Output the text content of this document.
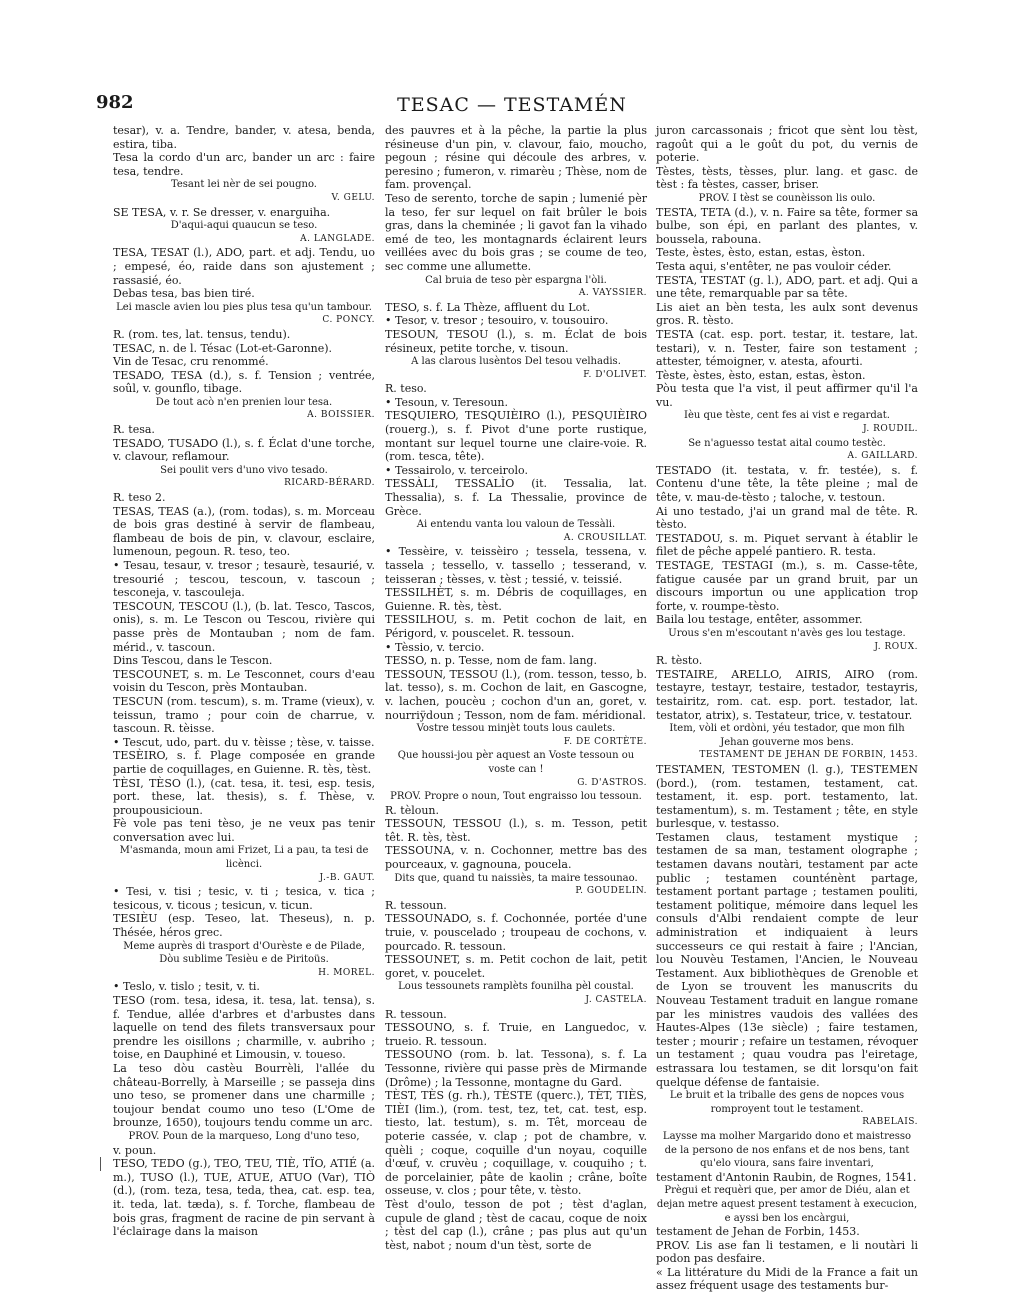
982	TESAC — TESTAMÉN

tesar), v. a. Tendre, bander, v. atesa, benda, estira, tiba.

Tesa la cordo d'un arc, bander un arc : faire tesa, tendre.

Tesant lei nèr de sei pougno.

V. GELU.

SE TESA, v. r. Se dresser, v. enarguiha.

D'aqui-aqui quaucun se teso.

A. LANGLADE.

TESA, TESAT (l.), ADO, part. et adj. Tendu, uo ; empesé, éo, raide dans son ajustement ; rassasié, éo.

Debas tesa, bas bien tiré.

Lei mascle avien lou pies plus tesa qu'un tambour.

C. PONCY.

R. (rom. tes, lat. tensus, tendu).

TESAC, n. de l. Tésac (Lot-et-Garonne).

Vin de Tesac, cru renommé.

TESADO, TESA (d.), s. f. Tension ; ventrée, soûl, v. gounflo, tibage.

De tout acò n'en prenien lour tesa.

A. BOISSIER.

R. tesa.

TESADO, TUSADO (l.), s. f. Éclat d'une torche, v. clavour, reflamour.

Sei poulit vers d'uno vivo tesado.

RICARD-BÉRARD.

R. teso 2.

TESAS, TEAS (a.), (rom. todas), s. m. Morceau de bois gras destiné à servir de flambeau, flambeau de bois de pin, v. clavour, esclaire, lumenoun, pegoun. R. teso, teo.

• Tesau, tesaur, v. tresor ; tesaurè, tesaurié, v. tresourié ; tescou, tescoun, v. tascoun ; tesconeja, v. tascouleja.

TESCOUN, TESCOU (l.), (b. lat. Tesco, Tascos, onis), s. m. Le Tescon ou Tescou, rivière qui passe près de Montauban ; nom de fam. mérid., v. tascoun.

Dins Tescou, dans le Tescon.

TESCOUNET, s. m. Le Tesconnet, cours d'eau voisin du Tescon, près Montauban.

TESCUN (rom. tescum), s. m. Trame (vieux), v. teissun, tramo ; pour coin de charrue, v. tascoun. R. tèisse.

• Tescut, udo, part. du v. tèisse ; tèse, v. taisse.

TESÈIRO, s. f. Plage composée en grande partie de coquillages, en Guienne. R. tès, tèst.

TÈSI, TÈSO (l.), (cat. tesa, it. tesi, esp. tesis, port. these, lat. thesis), s. f. Thèse, v. proupousicioun.

Fè vole pas teni tèso, je ne veux pas tenir conversation avec lui.

M'asmanda, moun ami Frizet, Li a pau, ta tesi de licènci.

J.-B. GAUT.

• Tesi, v. tisi ; tesic, v. ti ; tesica, v. tica ; tesicous, v. ticous ; tesicun, v. ticun.

TESIÈU (esp. Teseo, lat. Theseus), n. p. Thésée, héros grec.

Meme auprès di trasport d'Ourèste e de Pilade, Dòu sublime Tesièu e de Piritoüs.

H. MOREL.

• Teslo, v. tislo ; tesit, v. ti.

TESO (rom. tesa, idesa, it. tesa, lat. tensa), s. f. Tendue, allée d'arbres et d'arbustes dans laquelle on tend des filets transversaux pour prendre les oisillons ; charmille, v. aubriho ; toise, en Dauphiné et Limousin, v. toueso.

La teso dòu castèu Bourrèli, l'allée du château-Borrelly, à Marseille ; se passeja dins uno teso, se promener dans une charmille ; toujour bendat coumo uno teso (L'Ome de brounze, 1650), toujours tendu comme un arc.

PROV. Poun de la marqueso, Long d'uno teso,

v. poun.

TESO, TEDO (g.), TEO, TEU, TIÈ, TÏO, ATIÉ (a. m.), TUSO (l.), TUE, ATUE, ATUO (Var), TIÒ (d.), (rom. teza, tesa, teda, thea, cat. esp. tea, it. teda, lat. tæda), s. f. Torche, flambeau de bois gras, fragment de racine de pin servant à l'éclairage dans la maison

des pauvres et à la pêche, la partie la plus résineuse d'un pin, v. clavour, faio, moucho, pegoun ; résine qui découle des arbres, v. peresino ; fumeron, v. rimarèu ; Thèse, nom de fam. provençal.

Teso de serento, torche de sapin ; lumenié pèr la teso, fer sur lequel on fait brûler le bois gras, dans la cheminée ; li gavot fan la vihado emé de teo, les montagnards éclairent leurs veillées avec du bois gras ; se coume de teo, sec comme une allumette.

Cal bruia de teso pèr espargna l'òli.

A. VAYSSIER.

TESO, s. f. La Thèze, affluent du Lot.

• Tesor, v. tresor ; tesouiro, v. tousouiro.

TESOUN, TESOU (l.), s. m. Éclat de bois résineux, petite torche, v. tisoun.

A las clarous lusèntos Del tesou velhadis.

F. D'OLIVET.

R. teso.

• Tesoun, v. Teresoun.

TESQUIERO, TESQUIÈIRO (l.), PESQUIÈIRO (rouerg.), s. f. Pivot d'une porte rustique, montant sur lequel tourne une claire-voie. R. (rom. tesca, tête).

• Tessairolo, v. terceirolo.

TESSÀLI, TESSALÌO (it. Tessalia, lat. Thessalia), s. f. La Thessalie, province de Grèce.

Ai entendu vanta lou valoun de Tessàli.

A. CROUSILLAT.

• Tessèire, v. teissèiro ; tessela, tessena, v. tassela ; tessello, v. tassello ; tesserand, v. teisseran ; tèsses, v. tèst ; tessié, v. teissié.

TESSILHÈT, s. m. Débris de coquillages, en Guienne. R. tès, tèst.

TESSILHOU, s. m. Petit cochon de lait, en Périgord, v. pouscelet. R. tessoun.

• Tèssio, v. tercio.

TESSO, n. p. Tesse, nom de fam. lang.

TESSOUN, TESSOU (l.), (rom. tesson, tesso, b. lat. tesso), s. m. Cochon de lait, en Gascogne, v. lachen, poucèu ; cochon d'un an, goret, v. nourriÿdoun ; Tesson, nom de fam. méridional.

Vostre tessou minjèt touts lous caulets.

F. DE CORTÈTE.

Que houssi-jou pèr aquest an Voste tessoun ou voste can !

G. D'ASTROS.

PROV. Propre o noun, Tout engraisso lou tessoun.

R. tèloun.

TESSOUN, TESSOU (l.), s. m. Tesson, petit têt. R. tès, tèst.

TESSOUNA, v. n. Cochonner, mettre bas des pourceaux, v. gagnouna, poucela.

Dits que, quand tu naissiès, ta maire tessounao.

P. GOUDELIN.

R. tessoun.

TESSOUNADO, s. f. Cochonnée, portée d'une truie, v. pouscelado ; troupeau de cochons, v. pourcado. R. tessoun.

TESSOUNET, s. m. Petit cochon de lait, petit goret, v. poucelet.

Lous tessounets ramplèts founilha pèl coustal.

J. CASTELA.

R. tessoun.

TESSOUNO, s. f. Truie, en Languedoc, v. trueio. R. tessoun.

TESSOUNO (rom. b. lat. Tessona), s. f. La Tessonne, rivière qui passe près de Mirmande (Drôme) ; la Tessonne, montagne du Gard.

TÈST, TÈS (g. rh.), TÈSTE (querc.), TÈT, TIÈS, TIÈI (lim.), (rom. test, tez, tet, cat. test, esp. tiesto, lat. testum), s. m. Têt, morceau de poterie cassée, v. clap ; pot de chambre, v. quèli ; coque, coquille d'un noyau, coquille d'œuf, v. cruvèu ; coquillage, v. couquiho ; t. de porcelainier, pâte de kaolin ; crâne, boîte osseuse, v. clos ; pour tête, v. tèsto.

Tèst d'oulo, tesson de pot ; tèst d'aglan, cupule de gland ; tèst de cacau, coque de noix ; tèst del cap (l.), crâne ; pas plus aut qu'un tèst, nabot ; noum d'un tèst, sorte de

juron carcassonais ; fricot que sènt lou tèst, ragoût qui a le goût du pot, du vernis de poterie.

Tèstes, tèsts, tèsses, plur. lang. et gasc. de tèst : fa tèstes, casser, briser.

PROV. I tèst se counèisson lis oulo.

TESTA, TETA (d.), v. n. Faire sa tête, former sa bulbe, son épi, en parlant des plantes, v. boussela, rabouna.

Teste, èstes, èsto, estan, estas, èston.

Testa aqui, s'entêter, ne pas vouloir céder.

TESTA, TESTAT (g. l.), ADO, part. et adj. Qui a une tête, remarquable par sa tête.

Lis aiet an bèn testa, les aulx sont devenus gros. R. tèsto.

TESTA (cat. esp. port. testar, it. testare, lat. testari), v. n. Tester, faire son testament ; attester, témoigner, v. atesta, afourti.

Tèste, èstes, èsto, estan, estas, èston.

Pòu testa que l'a vist, il peut affirmer qu'il l'a vu.

Ièu que tèste, cent fes ai vist e regardat.

J. ROUDIL.

Se n'aguesso testat aital coumo testèc.

A. GAILLARD.

TESTADO (it. testata, v. fr. testée), s. f. Contenu d'une tête, la tête pleine ; mal de tête, v. mau-de-tèsto ; taloche, v. testoun.

Ai uno testado, j'ai un grand mal de tête. R. tèsto.

TESTADOU, s. m. Piquet servant à établir le filet de pêche appelé pantiero. R. testa.

TESTAGE, TESTAGI (m.), s. m. Casse-tête, fatigue causée par un grand bruit, par un discours importun ou une application trop forte, v. roumpe-tèsto.

Baila lou testage, entêter, assommer.

Urous s'en m'escoutant n'avès ges lou testage.

J. ROUX.

R. tèsto.

TESTAIRE, ARELLO, AIRIS, AIRO (rom. testayre, testayr, testaire, testador, testayris, testairitz, rom. cat. esp. port. testador, lat. testator, atrix), s. Testateur, trice, v. testatour.

Item, vòli et ordòni, yéu testador, que mon filh Jehan gouverne mos bens.

TESTAMENT DE JEHAN DE FORBIN, 1453.

TESTAMEN, TESTOMEN (l. g.), TESTEMEN (bord.), (rom. testamen, testament, cat. testament, it. esp. port. testamento, lat. testamentum), s. m. Testament ; tête, en style burlesque, v. testasso.

Testamen claus, testament mystique ; testamen de sa man, testament olographe ; testamen davans noutàri, testament par acte public ; testamen counténènt partage, testament portant partage ; testamen pouliti, testament politique, mémoire dans lequel les consuls d'Albi rendaient compte de leur administration et indiquaient à leurs successeurs ce qui restait à faire ; l'Ancian, lou Nouvèu Testamen, l'Ancien, le Nouveau Testament. Aux bibliothèques de Grenoble et de Lyon se trouvent les manuscrits du Nouveau Testament traduit en langue romane par les ministres vaudois des vallées des Hautes-Alpes (13e siècle) ; faire testamen, tester ; mourir ; refaire un testamen, révoquer un testament ; quau voudra pas l'eiretage, estrassara lou testamen, se dit lorsqu'on fait quelque défense de fantaisie.

Le bruit et la triballe des gens de nopces vous romproyent tout le testament.

RABELAIS.

Laysse ma molher Margarido dono et maistresso de la persono de nos enfans et de nos bens, tant qu'elo vioura, sans faire inventari,

testament d'Antonin Raubin, de Rognes, 1541.

Prègui et requèri que, per amor de Diéu, alan et dejan metre aquest present testament à execucion, e ayssi ben los encàrgui,

testament de Jehan de Forbin, 1453.

PROV. Lis ase fan li testamen, e li noutàri li podon pas desfaire.

« La littérature du Midi de la France a fait un assez fréquent usage des testaments bur-
